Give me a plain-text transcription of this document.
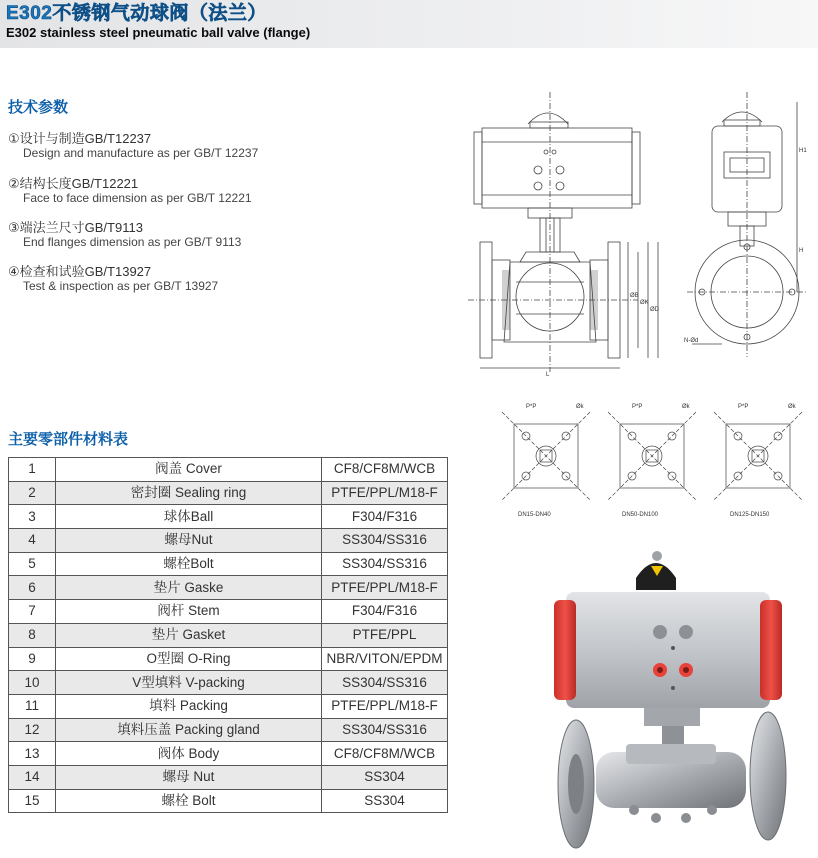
E302不锈钢气动球阀（法兰）
E302 stainless steel pneumatic ball valve (flange)
技术参数
①设计与制造GB/T12237
Design and manufacture as per GB/T 12237
②结构长度GB/T12221
Face to face dimension as per GB/T 12221
③端法兰尺寸GB/T9113
End flanges dimension as per GB/T 9113
④检查和试验GB/T13927
Test & inspection as per GB/T 13927
主要零部件材料表
1	阀盖 Cover	CF8/CF8M/WCB
2	密封圈 Sealing ring	PTFE/PPL/M18-F
3	球体Ball	F304/F316
4	螺母Nut	SS304/SS316
5	螺栓Bolt	SS304/SS316
6	垫片 Gaske	PTFE/PPL/M18-F
7	阀杆 Stem	F304/F316
8	垫片 Gasket	PTFE/PPL
9	O型圈 O-Ring	NBR/VITON/EPDM
10	V型填料 V-packing	SS304/SS316
11	填料 Packing	PTFE/PPL/M18-F
12	填料压盖 Packing gland	SS304/SS316
13	阀体 Body	CF8/CF8M/WCB
14	螺母 Nut	SS304
15	螺栓 Bolt	SS304
L
ØB
ØK
ØD
H1
H
N-Ød
P*P	Øk	P*P	Øk	P*P	Øk
DN15-DN40	DN50-DN100	DN125-DN150
